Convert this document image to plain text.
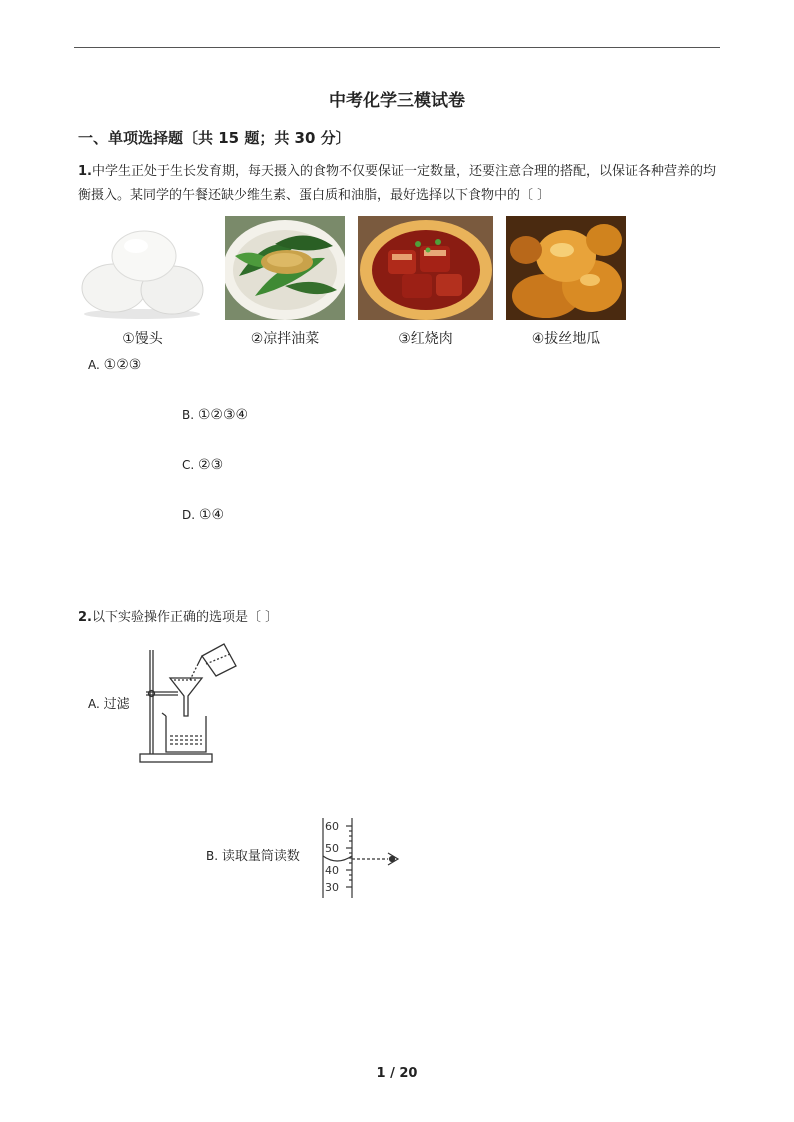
中考化学三模试卷
一、单项选择题〔共 15 题；共 30 分〕
1.中学生正处于生长发育期，每天摄入的食物不仅要保证一定数量，还要注意合理的搭配，以保证各种营养的均衡摄入。某同学的午餐还缺少维生素、蛋白质和油脂，最好选择以下食物中的〔 〕
①馒头	②凉拌油菜	③红烧肉	④拔丝地瓜
A. ①②③
B. ①②③④
C. ②③
D. ①④
2.以下实验操作正确的选项是〔 〕
A. 过滤
B. 读取量筒读数
60
50
40
30
1 / 20
